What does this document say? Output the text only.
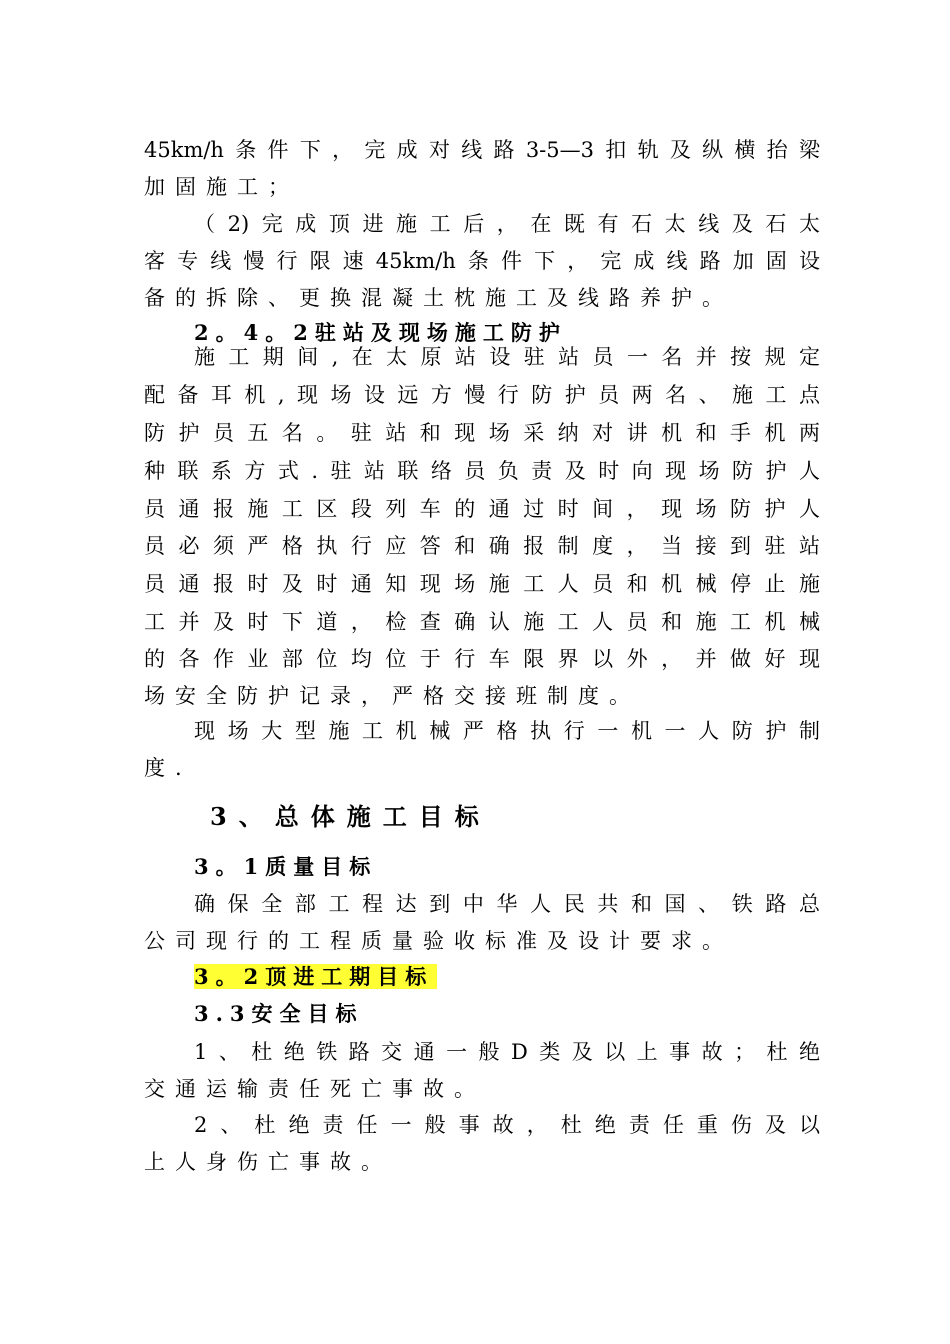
45km/h条件下，完成对线路3-5—3扣轨及纵横抬梁
加固施工；
（2)完成顶进施工后，在既有石太线及石太
客专线慢行限速45km/h条件下，完成线路加固设
备的拆除、更换混凝土枕施工及线路养护。
2。4。2驻站及现场施工防护
施工期间,在太原站设驻站员一名并按规定
配备耳机,现场设远方慢行防护员两名、施工点
防护员五名。驻站和现场采纳对讲机和手机两
种联系方式.驻站联络员负责及时向现场防护人
员通报施工区段列车的通过时间，现场防护人
员必须严格执行应答和确报制度，当接到驻站
员通报时及时通知现场施工人员和机械停止施
工并及时下道，检查确认施工人员和施工机械
的各作业部位均位于行车限界以外，并做好现
场安全防护记录，严格交接班制度。
现场大型施工机械严格执行一机一人防护制
度.
3、总体施工目标
3。1质量目标
确保全部工程达到中华人民共和国、铁路总
公司现行的工程质量验收标准及设计要求。
3。2顶进工期目标
3.3安全目标
1、杜绝铁路交通一般D类及以上事故；杜绝
交通运输责任死亡事故。
2、杜绝责任一般事故，杜绝责任重伤及以
上人身伤亡事故。
